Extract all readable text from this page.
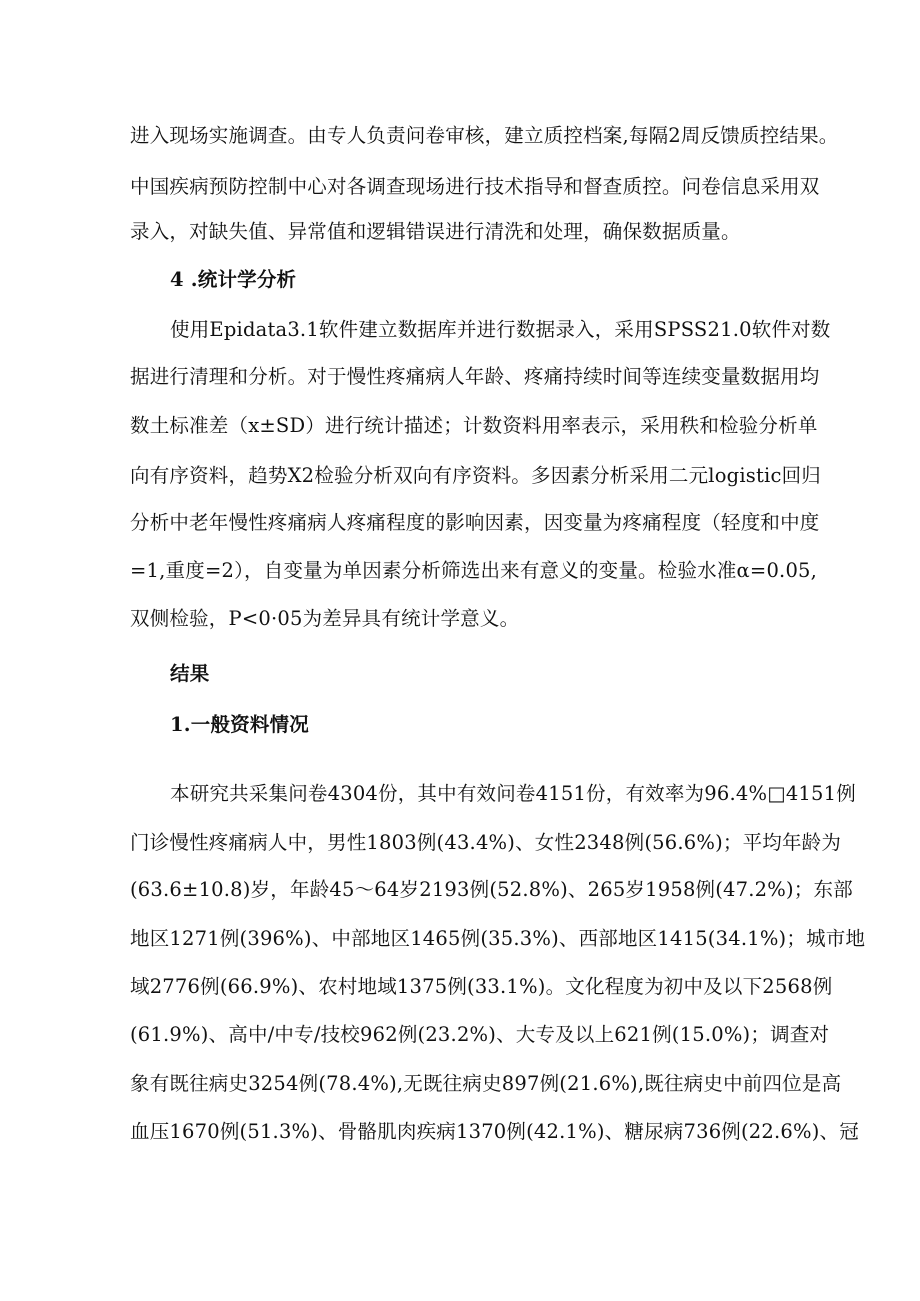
进入现场实施调查。由专人负责问卷审核，建立质控档案,每隔2周反馈质控结果。
中国疾病预防控制中心对各调查现场进行技术指导和督查质控。问卷信息采用双
录入，对缺失值、异常值和逻辑错误进行清洗和处理，确保数据质量。
4 .统计学分析
使用Epidata3.1软件建立数据库并进行数据录入，采用SPSS21.0软件对数
据进行清理和分析。对于慢性疼痛病人年龄、疼痛持续时间等连续变量数据用均
数土标准差（x±SD）进行统计描述；计数资料用率表示，采用秩和检验分析单
向有序资料，趋势X2检验分析双向有序资料。多因素分析采用二元logistic回归
分析中老年慢性疼痛病人疼痛程度的影响因素，因变量为疼痛程度（轻度和中度
=1,重度=2），自变量为单因素分析筛选出来有意义的变量。检验水准α=0.05,
双侧检验，P<0·05为差异具有统计学意义。
结果
1.一般资料情况
本研究共采集问卷4304份，其中有效问卷4151份，有效率为96.4%□4151例
门诊慢性疼痛病人中，男性1803例(43.4%)、女性2348例(56.6%)；平均年龄为
(63.6±10.8)岁，年龄45〜64岁2193例(52.8%)、265岁1958例(47.2%)；东部
地区1271例(396%)、中部地区1465例(35.3%)、西部地区1415(34.1%)；城市地
域2776例(66.9%)、农村地域1375例(33.1%)。文化程度为初中及以下2568例
(61.9%)、高中/中专/技校962例(23.2%)、大专及以上621例(15.0%)；调查对
象有既往病史3254例(78.4%),无既往病史897例(21.6%),既往病史中前四位是高
血压1670例(51.3%)、骨骼肌肉疾病1370例(42.1%)、糖尿病736例(22.6%)、冠
